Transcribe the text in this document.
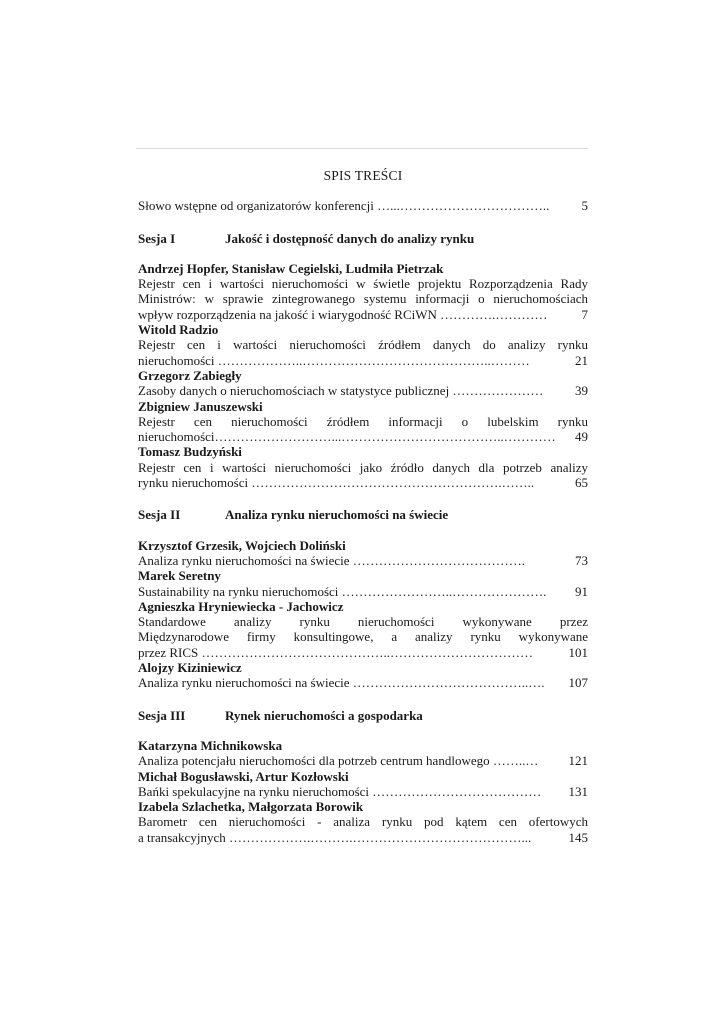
SPIS TREŚCI
Słowo wstępne od organizatorów konferencji …...……………………………..	5
Sesja I	Jakość i dostępność danych do analizy rynku
Andrzej Hopfer, Stanisław Cegielski, Ludmiła Pietrzak
Rejestr cen i wartości nieruchomości w świetle projektu Rozporządzenia Rady
Ministrów: w sprawie zintegrowanego systemu informacji o nieruchomościach
wpływ rozporządzenia na jakość i wiarygodność RCiWN ………….…………	7
Witold Radzio
Rejestr cen i wartości nieruchomości źródłem danych do analizy rynku
nieruchomości ………………..……………………………………..………	21
Grzegorz Zabiegły
Zasoby danych o nieruchomościach w statystyce publicznej …………………	39
Zbigniew Januszewski
Rejestr cen nieruchomości źródłem informacji o lubelskim rynku
nieruchomości………………………...………………………………..…………	49
Tomasz Budzyński
Rejestr cen i wartości nieruchomości jako źródło danych dla potrzeb analizy
rynku nieruchomości ………………………………………………….……..	65
Sesja II	Analiza rynku nieruchomości na świecie
Krzysztof Grzesik, Wojciech Doliński
Analiza rynku nieruchomości na świecie ………………………………….	73
Marek Seretny
Sustainability na rynku nieruchomości ……………………..………………….	91
Agnieszka Hryniewiecka - Jachowicz
Standardowe analizy rynku nieruchomości wykonywane przez
Międzynarodowe firmy konsultingowe, a analizy rynku wykonywane
przez RICS ……………………………………..……………………………	101
Alojzy Kiziniewicz
Analiza rynku nieruchomości na świecie …………………………………..….	107
Sesja III	Rynek nieruchomości a gospodarka
Katarzyna Michnikowska
Analiza potencjału nieruchomości dla potrzeb centrum handlowego ……..…	121
Michał Bogusławski, Artur Kozłowski
Bańki spekulacyjne na rynku nieruchomości …………………………………	131
Izabela Szlachetka, Małgorzata Borowik
Barometr cen nieruchomości - analiza rynku pod kątem cen ofertowych
a transakcyjnych ……………….……….…………………………………...	145
